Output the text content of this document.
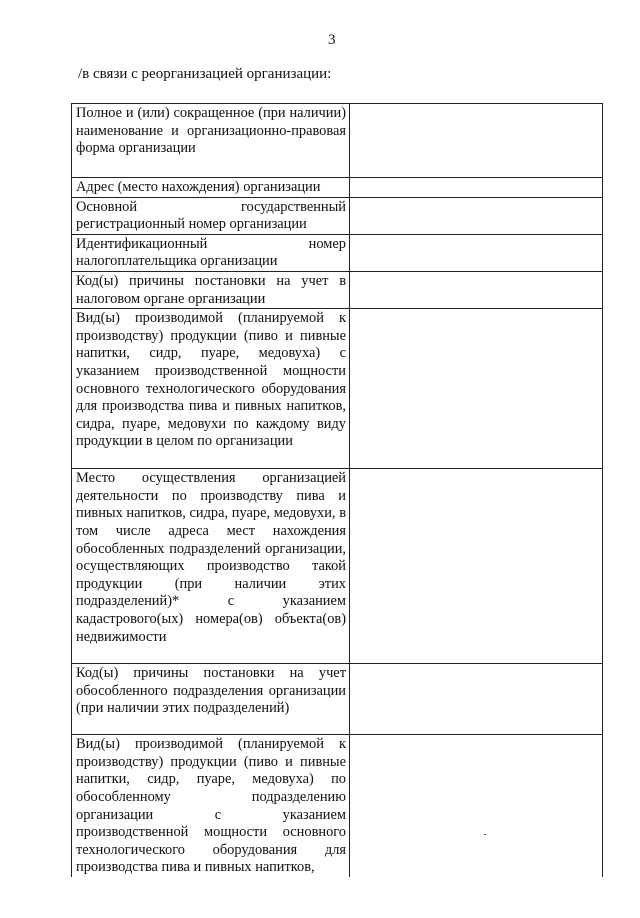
3
/в связи с реорганизацией организации:
Полное и (или) сокращенное (при наличии) наименование и организационно-правовая форма организации	
Адрес (место нахождения) организации	
Основной государственный регистрационный номер организации	
Идентификационный номер налогоплательщика организации	
Код(ы) причины постановки на учет в налоговом органе организации	
Вид(ы) производимой (планируемой к производству) продукции (пиво и пивные напитки, сидр, пуаре, медовуха) с указанием производственной мощности основного технологического оборудования для производства пива и пивных напитков, сидра, пуаре, медовухи по каждому виду продукции в целом по организации	
Место осуществления организацией деятельности по производству пива и пивных напитков, сидра, пуаре, медовухи, в том числе адреса мест нахождения обособленных подразделений организации, осуществляющих производство такой продукции (при наличии этих подразделений)* с указанием кадастрового(ых) номера(ов) объекта(ов) недвижимости	
Код(ы) причины постановки на учет обособленного подразделения организации (при наличии этих подразделений)	
Вид(ы) производимой (планируемой к производству) продукции (пиво и пивные напитки, сидр, пуаре, медовуха) по обособленному подразделению организации с указанием производственной мощности основного технологического оборудования для производства пива и пивных напитков,	
